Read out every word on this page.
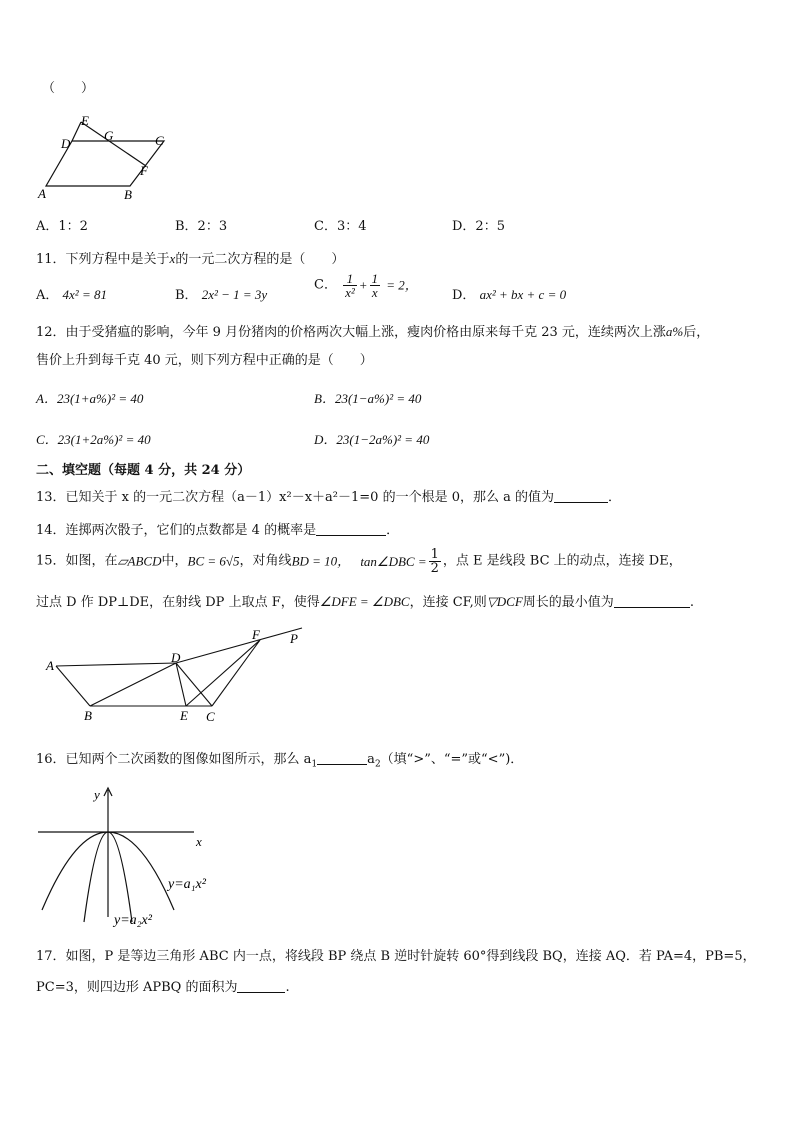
（　　）
A	B
C
D
E
F
G
A．1：2	B．2：3	C．3：4	D．2：5
11．下列方程中是关于x的一元二次方程的是（　　）
A． 4x² = 81	B． 2x² − 1 = 3y
C． $\frac{1}{\text{x²}} + \frac{1}{x} = 2$，
D． ax² + bx + c = 0
12．由于受猪瘟的影响，今年 9 月份猪肉的价格两次大幅上涨，瘦肉价格由原来每千克 23 元，连续两次上涨a%后，
售价上升到每千克 40 元，则下列方程中正确的是（　　）
A．23(1+a%)² = 40	B．23(1−a%)² = 40
C．23(1+2a%)² = 40	D．23(1−2a%)² = 40
二、填空题（每题 4 分，共 24 分）
13．已知关于 x 的一元二次方程（a－1）x²－x＋a²－1=0 的一个根是 0，那么 a 的值为	．
14．连掷两次骰子，它们的点数都是 4 的概率是	．
15．如图，在▱ABCD中，BC = 6√5，对角线BD = 10， tan∠DBC = $\frac{1}{2}$ ，点 E 是线段 BC 上的动点，连接 DE，
过点 D 作 DP⊥DE，在射线 DP 上取点 F，使得∠DFE = ∠DBC，连接 CF,则▽DCF周长的最小值为	.
A
B
D
E C
F P
16．已知两个二次函数的图像如图所示，那么 $a_1$	$a_2$（填“>”、“=”或“<”)．
y
x
y=a₁x²
y=a₂x²
17．如图，P 是等边三角形 ABC 内一点，将线段 BP 绕点 B 逆时针旋转 60°得到线段 BQ，连接 AQ．若 PA=4，PB=5，
PC=3，则四边形 APBQ 的面积为	.
